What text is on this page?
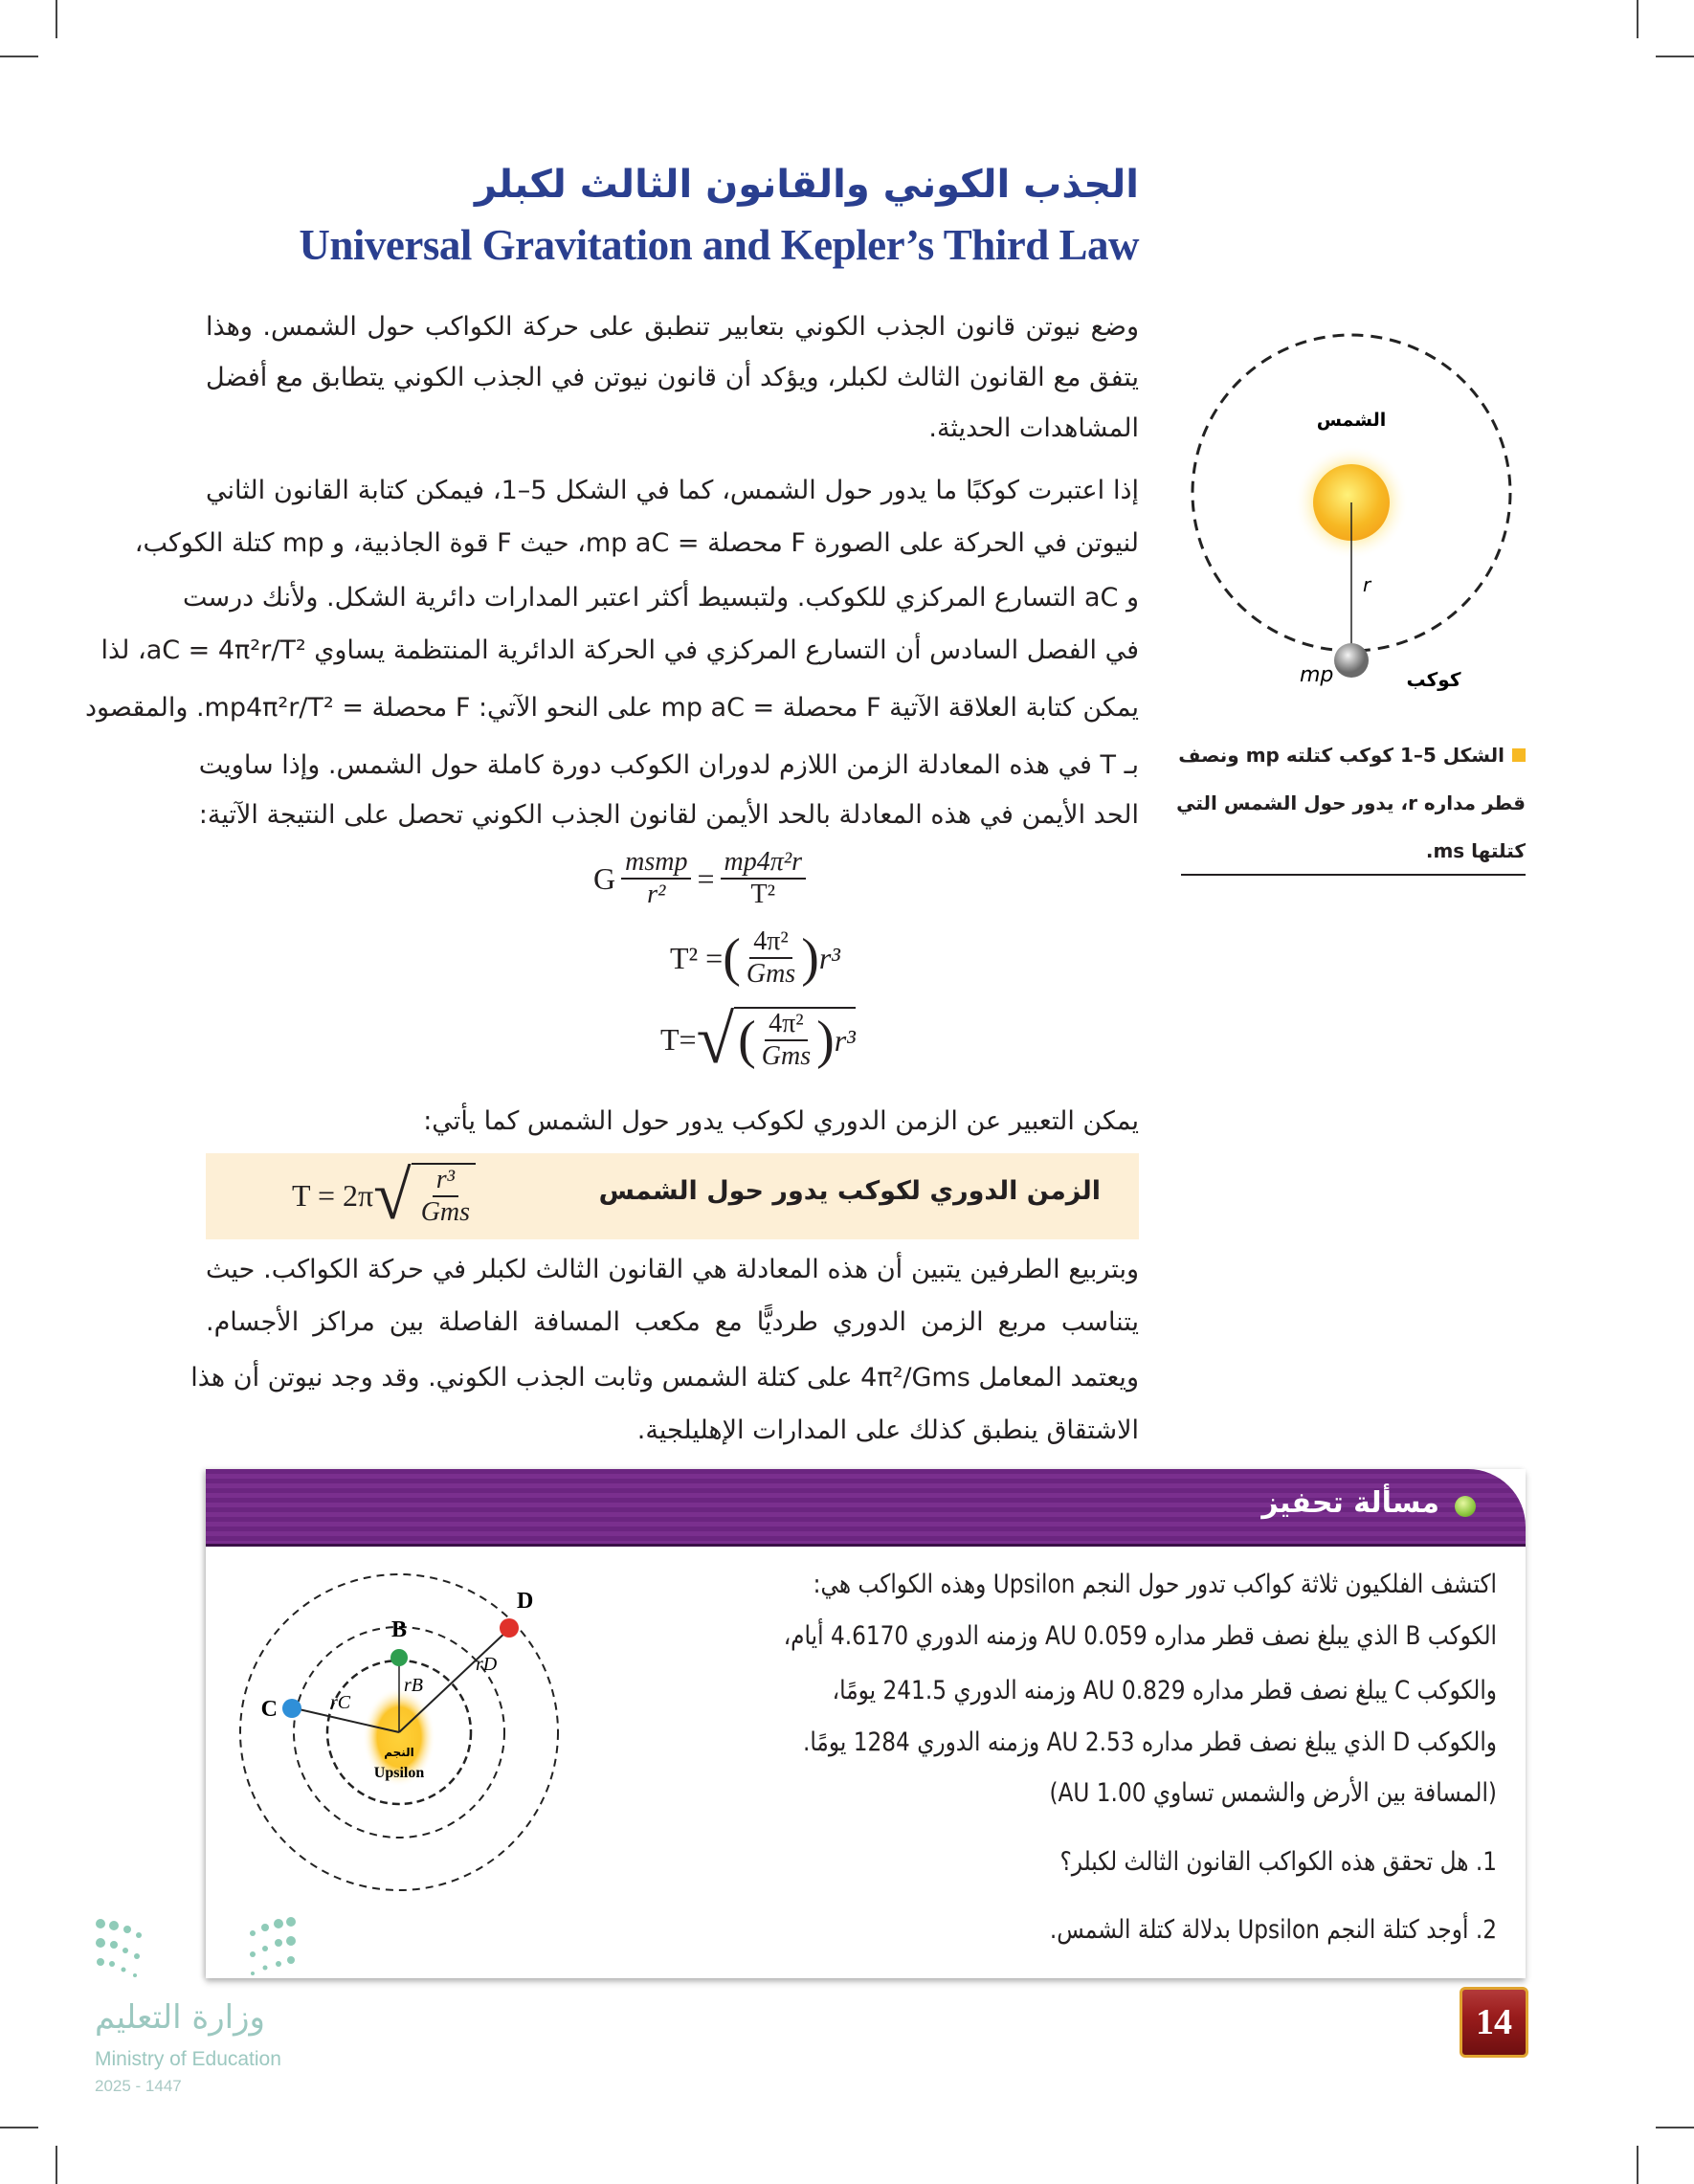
الجذب الكوني والقانون الثالث لكبلر
Universal Gravitation and Kepler’s Third Law
وضع نيوتن قانون الجذب الكوني بتعابير تنطبق على حركة الكواكب حول الشمس. وهذا
يتفق مع القانون الثالث لكبلر، ويؤكد أن قانون نيوتن في الجذب الكوني يتطابق مع أفضل
المشاهدات الحديثة.
إذا اعتبرت كوكبًا ما يدور حول الشمس، كما في الشكل 5–1، فيمكن كتابة القانون الثاني
لنيوتن في الحركة على الصورة F محصلة = mp aC، حيث F قوة الجاذبية، و mp كتلة الكوكب،
و aC التسارع المركزي للكوكب. ولتبسيط أكثر اعتبر المدارات دائرية الشكل. ولأنك درست
في الفصل السادس أن التسارع المركزي في الحركة الدائرية المنتظمة يساوي aC = 4π²r/T²، لذا
يمكن كتابة العلاقة الآتية F محصلة = mp aC على النحو الآتي: F محصلة = mp4π²r/T². والمقصود
بـ T في هذه المعادلة الزمن اللازم لدوران الكوكب دورة كاملة حول الشمس. وإذا ساويت
الحد الأيمن في هذه المعادلة بالحد الأيمن لقانون الجذب الكوني تحصل على النتيجة الآتية:
G $\frac{\text{msmp}}{\text{r²}} = \frac{\text{mp4π²r}}{\text{T²}}$
T² = ( $\frac{\text{4π²}}{\text{Gms}}$ ) r³
T= √ ( $\frac{\text{4π²}}{\text{Gms}}$ ) r³
يمكن التعبير عن الزمن الدوري لكوكب يدور حول الشمس كما يأتي:
الزمن الدوري لكوكب يدور حول الشمس
T = 2π √ $\frac{\text{r³}}{\text{Gms}}$
وبتربيع الطرفين يتبين أن هذه المعادلة هي القانون الثالث لكبلر في حركة الكواكب. حيث
يتناسب مربع الزمن الدوري طرديًّا مع مكعب المسافة الفاصلة بين مراكز الأجسام.
ويعتمد المعامل 4π²/Gms على كتلة الشمس وثابت الجذب الكوني. وقد وجد نيوتن أن هذا
الاشتقاق ينطبق كذلك على المدارات الإهليلجية.
الشمس
r
mp	كوكب
الشكل 5–1 كوكب كتلته mp ونصف
قطر مداره r، يدور حول الشمس التي
كتلتها ms.
مسألة تحفيز
اكتشف الفلكيون ثلاثة كواكب تدور حول النجم Upsilon وهذه الكواكب هي:
الكوكب B الذي يبلغ نصف قطر مداره 0.059 AU وزمنه الدوري 4.6170 أيام،
والكوكب C يبلغ نصف قطر مداره 0.829 AU وزمنه الدوري 241.5 يومًا،
والكوكب D الذي يبلغ نصف قطر مداره 2.53 AU وزمنه الدوري 1284 يومًا.
(المسافة بين الأرض والشمس تساوي 1.00 AU)
1. هل تحقق هذه الكواكب القانون الثالث لكبلر؟
2. أوجد كتلة النجم Upsilon بدلالة كتلة الشمس.
B
C
D
rB
rC
rD
النجم
Upsilon
14
وزارة التعليم
Ministry of Education
2025 - 1447
